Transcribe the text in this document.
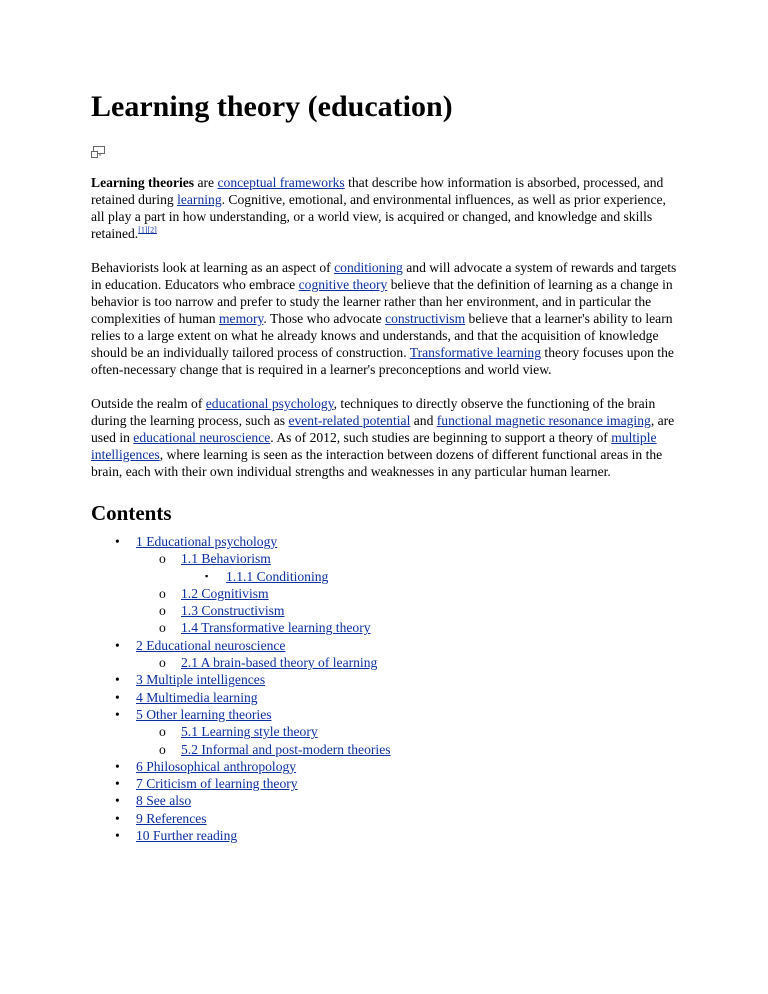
Learning theory (education)

Learning theories are conceptual frameworks that describe how information is absorbed, processed, and retained during learning. Cognitive, emotional, and environmental influences, as well as prior experience, all play a part in how understanding, or a world view, is acquired or changed, and knowledge and skills retained.[1][2]

Behaviorists look at learning as an aspect of conditioning and will advocate a system of rewards and targets in education. Educators who embrace cognitive theory believe that the definition of learning as a change in behavior is too narrow and prefer to study the learner rather than her environment, and in particular the complexities of human memory. Those who advocate constructivism believe that a learner's ability to learn relies to a large extent on what he already knows and understands, and that the acquisition of knowledge should be an individually tailored process of construction. Transformative learning theory focuses upon the often-necessary change that is required in a learner's preconceptions and world view.

Outside the realm of educational psychology, techniques to directly observe the functioning of the brain during the learning process, such as event-related potential and functional magnetic resonance imaging, are used in educational neuroscience. As of 2012, such studies are beginning to support a theory of multiple intelligences, where learning is seen as the interaction between dozens of different functional areas in the brain, each with their own individual strengths and weaknesses in any particular human learner.

Contents
• 1 Educational psychology
o 1.1 Behaviorism
▪ 1.1.1 Conditioning
o 1.2 Cognitivism
o 1.3 Constructivism
o 1.4 Transformative learning theory
• 2 Educational neuroscience
o 2.1 A brain-based theory of learning
• 3 Multiple intelligences
• 4 Multimedia learning
• 5 Other learning theories
o 5.1 Learning style theory
o 5.2 Informal and post-modern theories
• 6 Philosophical anthropology
• 7 Criticism of learning theory
• 8 See also
• 9 References
• 10 Further reading
